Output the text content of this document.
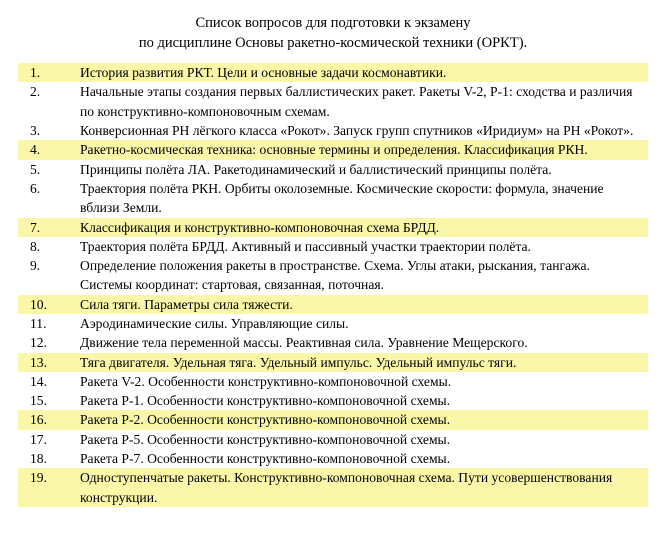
Список вопросов для подготовки к экзамену
по дисциплине Основы ракетно-космической техники (ОРКТ).
1.	История развития РКТ. Цели и основные задачи космонавтики.
2.	Начальные этапы создания первых баллистических ракет. Ракеты V-2, Р-1: сходства и различия по конструктивно-компоновочным схемам.
3.	Конверсионная РН лёгкого класса «Рокот». Запуск групп спутников «Иридиум» на РН «Рокот».
4.	Ракетно-космическая техника: основные термины и определения. Классификация РКН.
5.	Принципы полёта ЛА. Ракетодинамический и баллистический принципы полёта.
6.	Траектория полёта РКН. Орбиты околоземные. Космические скорости: формула, значение вблизи Земли.
7.	Классификация и конструктивно-компоновочная схема БРДД.
8.	Траектория полёта БРДД. Активный и пассивный участки траектории полёта.
9.	Определение положения ракеты в пространстве. Схема. Углы атаки, рыскания, тангажа. Системы координат: стартовая, связанная, поточная.
10.	Сила тяги. Параметры сила тяжести.
11.	Аэродинамические силы. Управляющие силы.
12.	Движение тела переменной массы. Реактивная сила. Уравнение Мещерского.
13.	Тяга двигателя. Удельная тяга. Удельный импульс. Удельный импульс тяги.
14.	Ракета V-2. Особенности конструктивно-компоновочной схемы.
15.	Ракета Р-1. Особенности конструктивно-компоновочной схемы.
16.	Ракета Р-2. Особенности конструктивно-компоновочной схемы.
17.	Ракета Р-5. Особенности конструктивно-компоновочной схемы.
18.	Ракета Р-7. Особенности конструктивно-компоновочной схемы.
19.	Одноступенчатые ракеты. Конструктивно-компоновочная схема. Пути усовершенствования конструкции.
